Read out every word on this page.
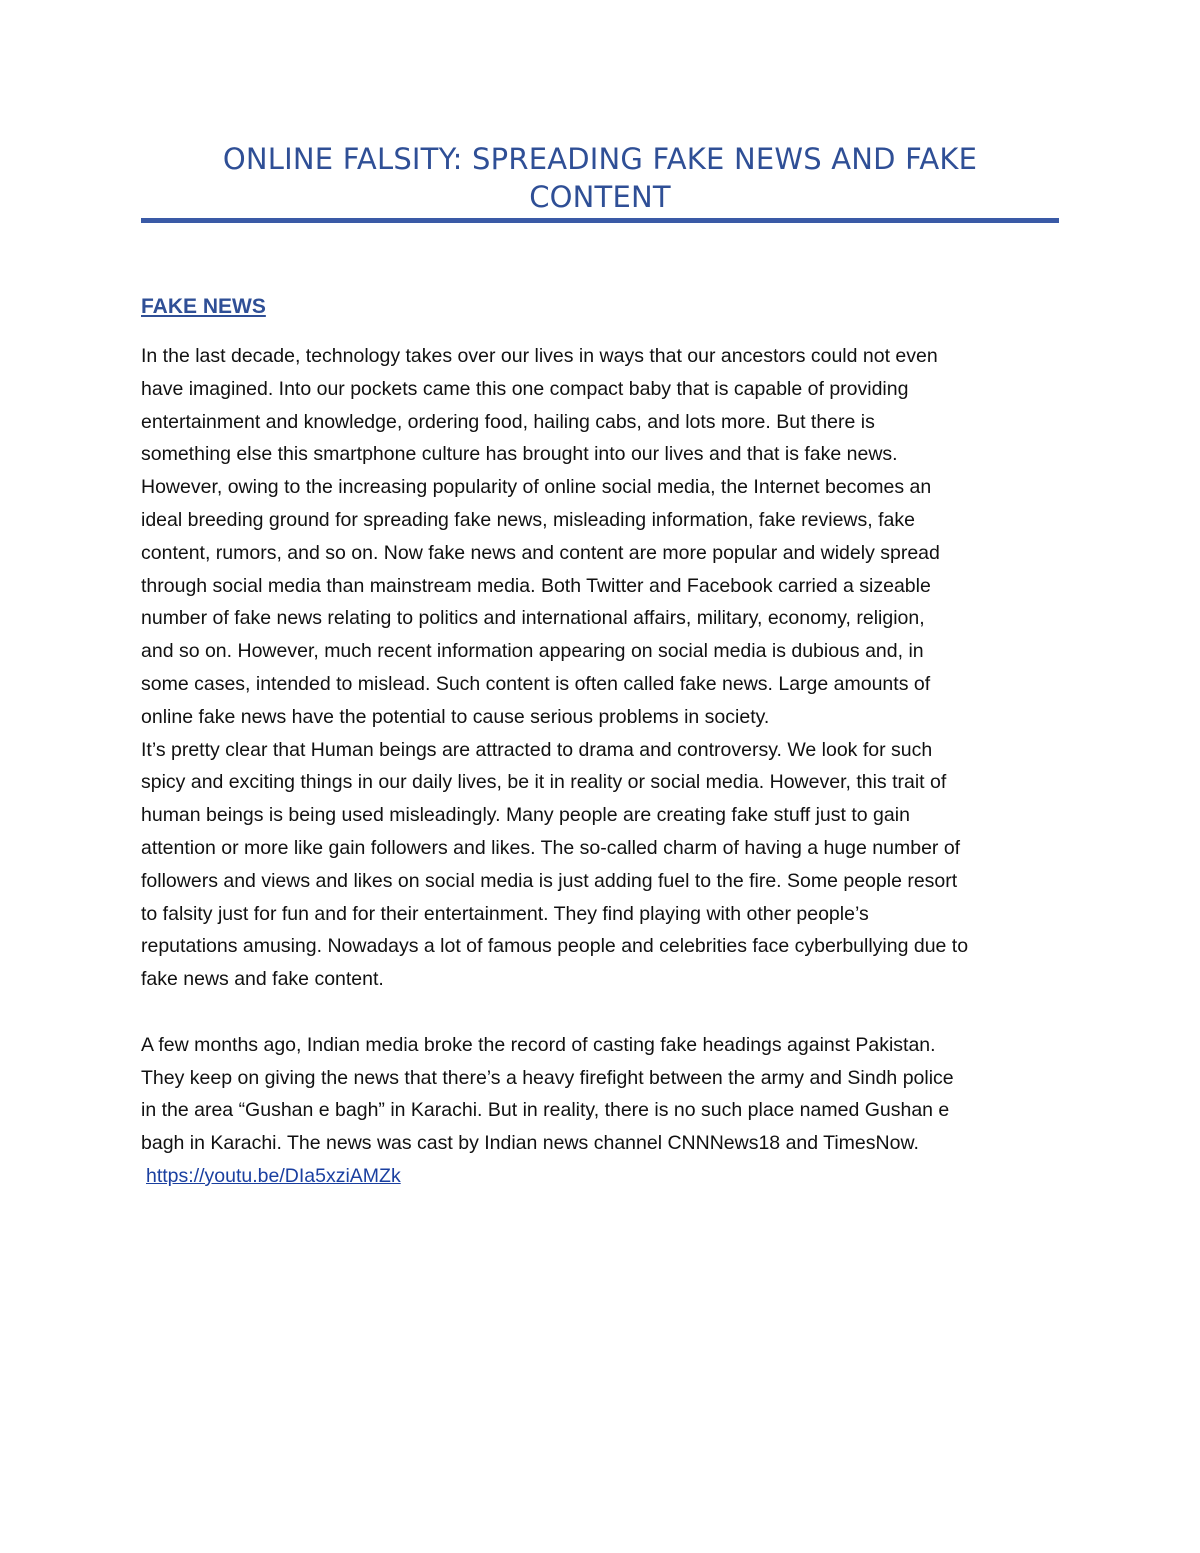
ONLINE FALSITY: SPREADING FAKE NEWS AND FAKE
CONTENT
FAKE NEWS

In the last decade, technology takes over our lives in ways that our ancestors could not even

have imagined. Into our pockets came this one compact baby that is capable of providing

entertainment and knowledge, ordering food, hailing cabs, and lots more. But there is

something else this smartphone culture has brought into our lives and that is fake news.

However, owing to the increasing popularity of online social media, the Internet becomes an

ideal breeding ground for spreading fake news, misleading information, fake reviews, fake

content, rumors, and so on. Now fake news and content are more popular and widely spread

through social media than mainstream media. Both Twitter and Facebook carried a sizeable

number of fake news relating to politics and international affairs, military, economy, religion,

and so on. However, much recent information appearing on social media is dubious and, in

some cases, intended to mislead. Such content is often called fake news. Large amounts of

online fake news have the potential to cause serious problems in society.

It’s pretty clear that Human beings are attracted to drama and controversy. We look for such

spicy and exciting things in our daily lives, be it in reality or social media. However, this trait of

human beings is being used misleadingly. Many people are creating fake stuff just to gain

attention or more like gain followers and likes. The so-called charm of having a huge number of

followers and views and likes on social media is just adding fuel to the fire. Some people resort

to falsity just for fun and for their entertainment. They find playing with other people’s

reputations amusing. Nowadays a lot of famous people and celebrities face cyberbullying due to

fake news and fake content.

A few months ago, Indian media broke the record of casting fake headings against Pakistan.

They keep on giving the news that there’s a heavy firefight between the army and Sindh police

in the area “Gushan e bagh” in Karachi. But in reality, there is no such place named Gushan e

bagh in Karachi. The news was cast by Indian news channel CNNNews18 and TimesNow.

https://youtu.be/DIa5xziAMZk
